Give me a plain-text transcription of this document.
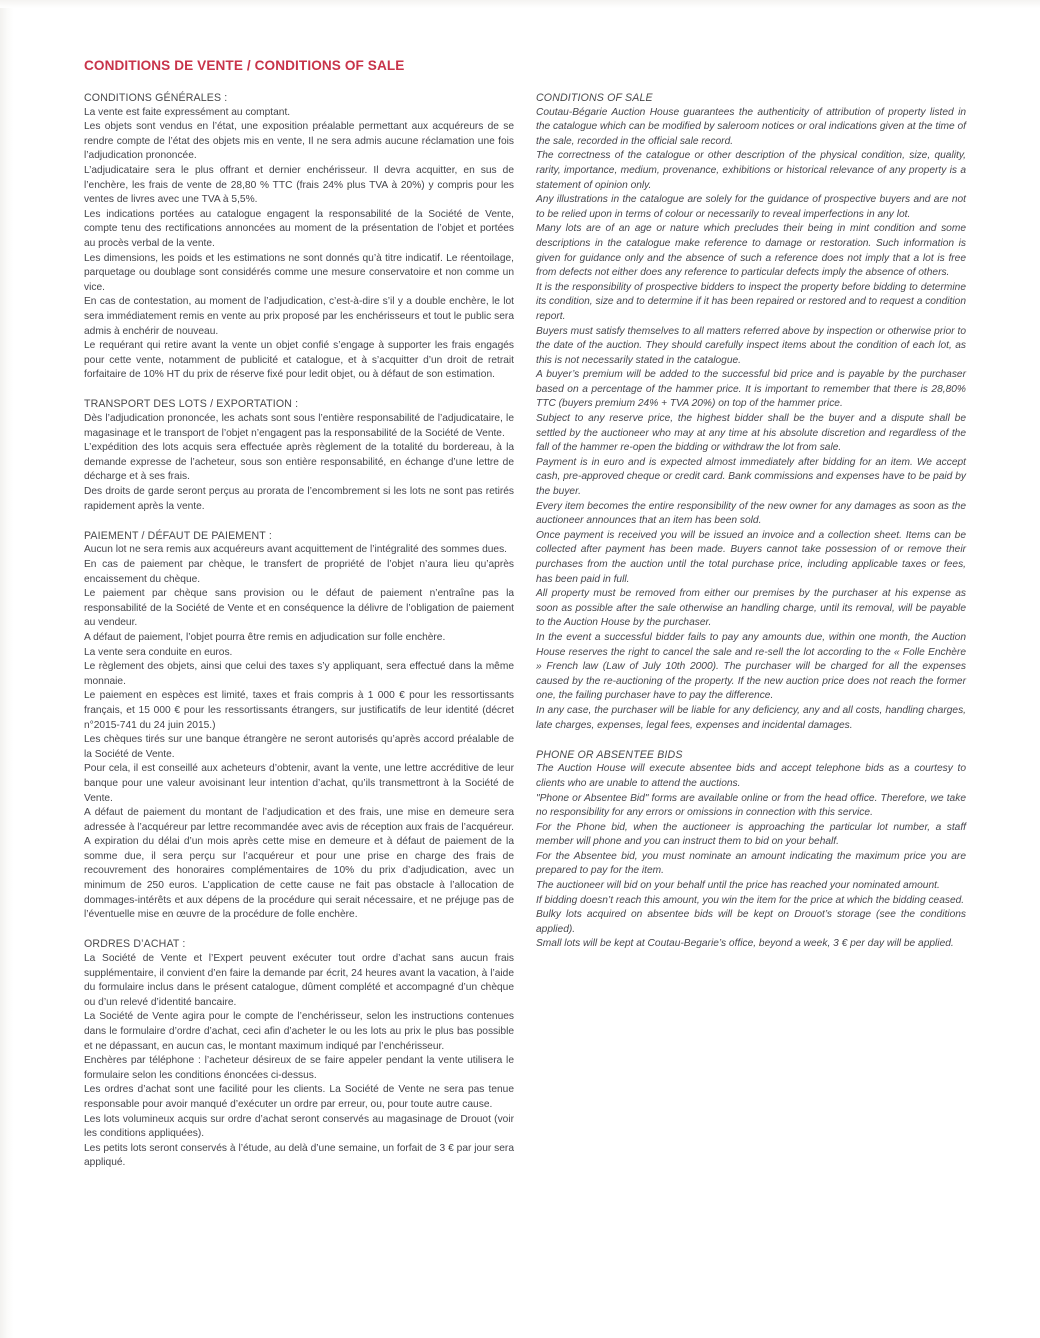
CONDITIONS DE VENTE / CONDITIONS OF SALE
CONDITIONS GÉNÉRALES :

La vente est faite expressément au comptant.

Les objets sont vendus en l’état, une exposition préalable permettant aux acquéreurs de se rendre compte de l’état des objets mis en vente, Il ne sera admis aucune réclamation une fois l’adjudication prononcée.

L’adjudicataire sera le plus offrant et dernier enchérisseur. Il devra acquitter, en sus de l’enchère, les frais de vente de 28,80 % TTC (frais 24% plus TVA à 20%) y compris pour les ventes de livres avec une TVA à 5,5%.

Les indications portées au catalogue engagent la responsabilité de la Société de Vente, compte tenu des rectifications annoncées au moment de la présentation de l’objet et portées au procès verbal de la vente.

Les dimensions, les poids et les estimations ne sont donnés qu’à titre indicatif. Le réentoilage, parquetage ou doublage sont considérés comme une mesure conservatoire et non comme un vice.

En cas de contestation, au moment de l’adjudication, c’est-à-dire s’il y a double enchère, le lot sera immédiatement remis en vente au prix proposé par les enchérisseurs et tout le public sera admis à enchérir de nouveau.

Le requérant qui retire avant la vente un objet confié s’engage à supporter les frais engagés pour cette vente, notamment de publicité et catalogue, et à s’acquitter d’un droit de retrait forfaitaire de 10% HT du prix de réserve fixé pour ledit objet, ou à défaut de son estimation.

TRANSPORT DES LOTS / EXPORTATION :

Dès l’adjudication prononcée, les achats sont sous l’entière responsabilité de l’adjudicataire, le magasinage et le transport de l’objet n’engagent pas la responsabilité de la Société de Vente.

L’expédition des lots acquis sera effectuée après règlement de la totalité du bordereau, à la demande expresse de l’acheteur, sous son entière responsabilité, en échange d’une lettre de décharge et à ses frais.

Des droits de garde seront perçus au prorata de l’encombrement si les lots ne sont pas retirés rapidement après la vente.

PAIEMENT / DÉFAUT DE PAIEMENT :

Aucun lot ne sera remis aux acquéreurs avant acquittement de l’intégralité des sommes dues.

En cas de paiement par chèque, le transfert de propriété de l’objet n’aura lieu qu’après encaissement du chèque.

Le paiement par chèque sans provision ou le défaut de paiement n’entraîne pas la responsabilité de la Société de Vente et en conséquence la délivre de l’obligation de paiement au vendeur.

A défaut de paiement, l’objet pourra être remis en adjudication sur folle enchère.

La vente sera conduite en euros.

Le règlement des objets, ainsi que celui des taxes s’y appliquant, sera effectué dans la même monnaie.

Le paiement en espèces est limité, taxes et frais compris à 1 000 € pour les ressortissants français, et 15 000 € pour les ressortissants étrangers, sur justificatifs de leur identité (décret n°2015-741 du 24 juin 2015.)

Les chèques tirés sur une banque étrangère ne seront autorisés qu’après accord préalable de la Société de Vente.

Pour cela, il est conseillé aux acheteurs d’obtenir, avant la vente, une lettre accréditive de leur banque pour une valeur avoisinant leur intention d’achat, qu’ils transmettront à la Société de Vente.

A défaut de paiement du montant de l’adjudication et des frais, une mise en demeure sera adressée à l’acquéreur par lettre recommandée avec avis de réception aux frais de l’acquéreur. A expiration du délai d’un mois après cette mise en demeure et à défaut de paiement de la somme due, il sera perçu sur l’acquéreur et pour une prise en charge des frais de recouvrement des honoraires complémentaires de 10% du prix d’adjudication, avec un minimum de 250 euros. L’application de cette cause ne fait pas obstacle à l’allocation de dommages-intérêts et aux dépens de la procédure qui serait nécessaire, et ne préjuge pas de l’éventuelle mise en œuvre de la procédure de folle enchère.

ORDRES D’ACHAT :

La Société de Vente et l’Expert peuvent exécuter tout ordre d’achat sans aucun frais supplémentaire, il convient d’en faire la demande par écrit, 24 heures avant la vacation, à l’aide du formulaire inclus dans le présent catalogue, dûment complété et accompagné d’un chèque ou d’un relevé d’identité bancaire.

La Société de Vente agira pour le compte de l’enchérisseur, selon les instructions contenues dans le formulaire d’ordre d’achat, ceci afin d’acheter le ou les lots au prix le plus bas possible et ne dépassant, en aucun cas, le montant maximum indiqué par l’enchérisseur.

Enchères par téléphone : l’acheteur désireux de se faire appeler pendant la vente utilisera le formulaire selon les conditions énoncées ci-dessus.

Les ordres d’achat sont une facilité pour les clients. La Société de Vente ne sera pas tenue responsable pour avoir manqué d’exécuter un ordre par erreur, ou, pour toute autre cause.

Les lots volumineux acquis sur ordre d’achat seront conservés au magasinage de Drouot (voir les conditions appliquées).

Les petits lots seront conservés à l’étude, au delà d’une semaine, un forfait de 3 € par jour sera appliqué.

CONDITIONS OF SALE

Coutau-Bégarie Auction House guarantees the authenticity of attribution of property listed in the catalogue which can be modified by saleroom notices or oral indications given at the time of the sale, recorded in the official sale record.

The correctness of the catalogue or other description of the physical condition, size, quality, rarity, importance, medium, provenance, exhibitions or historical relevance of any property is a statement of opinion only.

Any illustrations in the catalogue are solely for the guidance of prospective buyers and are not to be relied upon in terms of colour or necessarily to reveal imperfections in any lot.

Many lots are of an age or nature which precludes their being in mint condition and some descriptions in the catalogue make reference to damage or restoration. Such information is given for guidance only and the absence of such a reference does not imply that a lot is free from defects not either does any reference to particular defects imply the absence of others.

It is the responsibility of prospective bidders to inspect the property before bidding to determine its condition, size and to determine if it has been repaired or restored and to request a condition report.

Buyers must satisfy themselves to all matters referred above by inspection or otherwise prior to the date of the auction. They should carefully inspect items about the condition of each lot, as this is not necessarily stated in the catalogue.

A buyer’s premium will be added to the successful bid price and is payable by the purchaser based on a percentage of the hammer price. It is important to remember that there is 28,80% TTC (buyers premium 24% + TVA 20%) on top of the hammer price.

Subject to any reserve price, the highest bidder shall be the buyer and a dispute shall be settled by the auctioneer who may at any time at his absolute discretion and regardless of the fall of the hammer re-open the bidding or withdraw the lot from sale.

Payment is in euro and is expected almost immediately after bidding for an item. We accept cash, pre-approved cheque or credit card. Bank commissions and expenses have to be paid by the buyer.

Every item becomes the entire responsibility of the new owner for any damages as soon as the auctioneer announces that an item has been sold.

Once payment is received you will be issued an invoice and a collection sheet. Items can be collected after payment has been made. Buyers cannot take possession of or remove their purchases from the auction until the total purchase price, including applicable taxes or fees, has been paid in full.

All property must be removed from either our premises by the purchaser at his expense as soon as possible after the sale otherwise an handling charge, until its removal, will be payable to the Auction House by the purchaser.

In the event a successful bidder fails to pay any amounts due, within one month, the Auction House reserves the right to cancel the sale and re-sell the lot according to the « Folle Enchère » French law (Law of July 10th 2000). The purchaser will be charged for all the expenses caused by the re-auctioning of the property. If the new auction price does not reach the former one, the failing purchaser have to pay the difference.

In any case, the purchaser will be liable for any deficiency, any and all costs, handling charges, late charges, expenses, legal fees, expenses and incidental damages.

PHONE OR ABSENTEE BIDS

The Auction House will execute absentee bids and accept telephone bids as a courtesy to clients who are unable to attend the auctions.

"Phone or Absentee Bid" forms are available online or from the head office. Therefore, we take no responsibility for any errors or omissions in connection with this service.

For the Phone bid, when the auctioneer is approaching the particular lot number, a staff member will phone and you can instruct them to bid on your behalf.

For the Absentee bid, you must nominate an amount indicating the maximum price you are prepared to pay for the item.

The auctioneer will bid on your behalf until the price has reached your nominated amount.

If bidding doesn’t reach this amount, you win the item for the price at which the bidding ceased.

Bulky lots acquired on absentee bids will be kept on Drouot’s storage (see the conditions applied).

Small lots will be kept at Coutau-Begarie’s office, beyond a week, 3 € per day will be applied.
